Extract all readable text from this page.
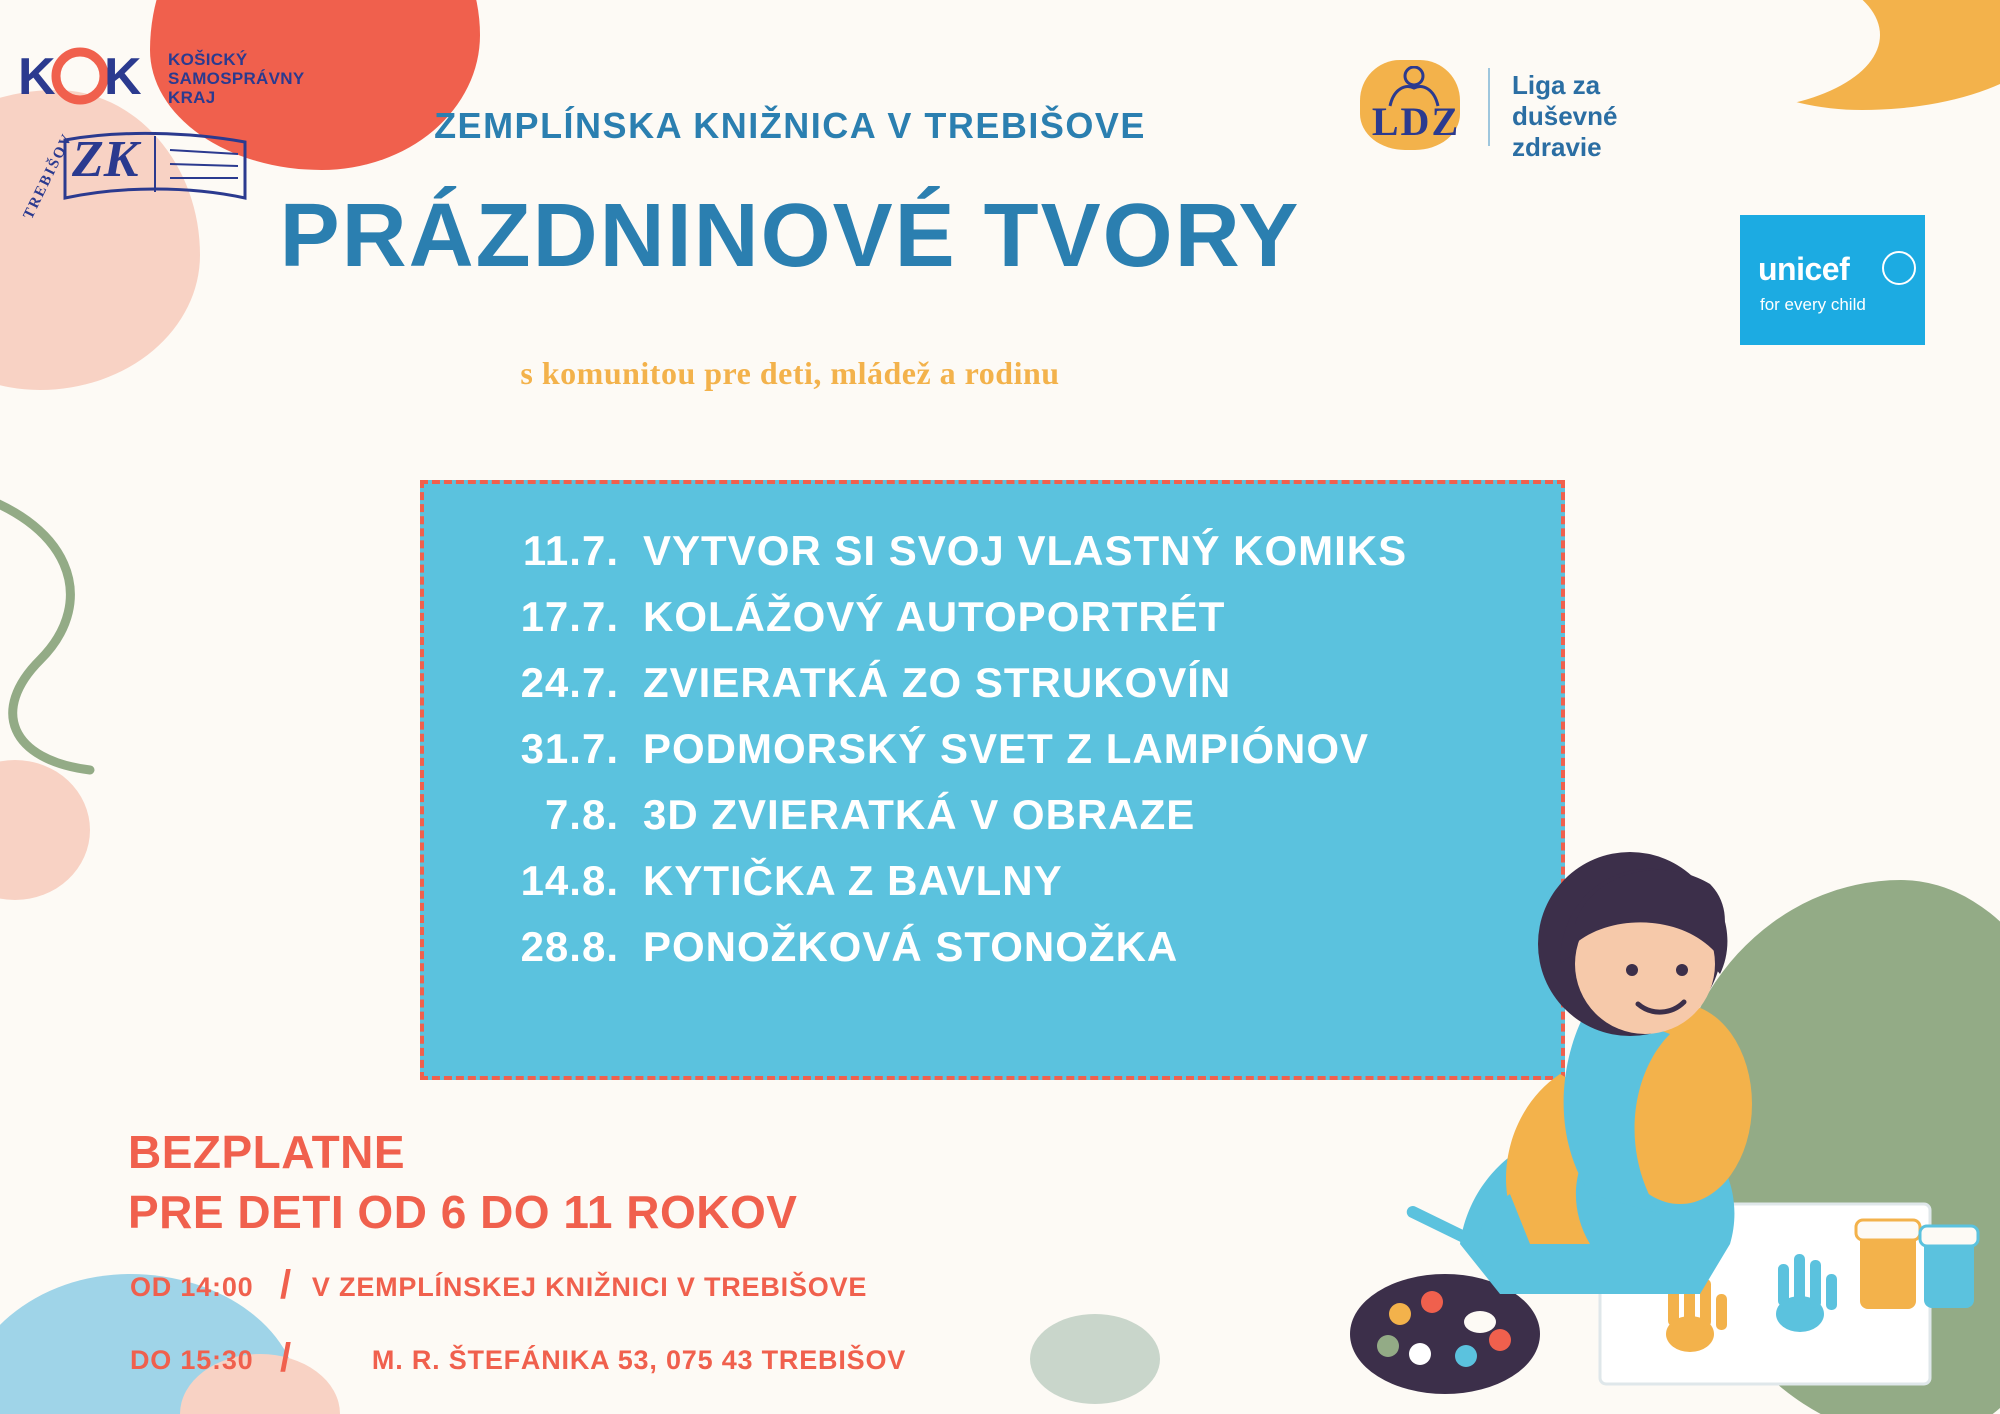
K K KOŠICKÝ
SAMOSPRÁVNY
KRAJ
TREBIŠOV
ZK
LDZ
Liga za
duševné
zdravie
unicef
for every child
ZEMPLÍNSKA KNIŽNICA V TREBIŠOVE
PRÁZDNINOVÉ TVORY
s komunitou pre deti, mládež a rodinu
11.7. VYTVOR SI SVOJ VLASTNÝ KOMIKS
17.7. KOLÁŽOVÝ AUTOPORTRÉT
24.7. ZVIERATKÁ ZO STRUKOVÍN
31.7. PODMORSKÝ SVET Z LAMPIÓNOV
7.8. 3D ZVIERATKÁ V OBRAZE
14.8. KYTIČKA Z BAVLNY
28.8. PONOŽKOVÁ STONOŽKA
BEZPLATNE
PRE DETI OD 6 DO 11 ROKOV
OD 14:00 / V ZEMPLÍNSKEJ KNIŽNICI V TREBIŠOVE
DO 15:30 /	M. R. ŠTEFÁNIKA 53, 075 43 TREBIŠOV
